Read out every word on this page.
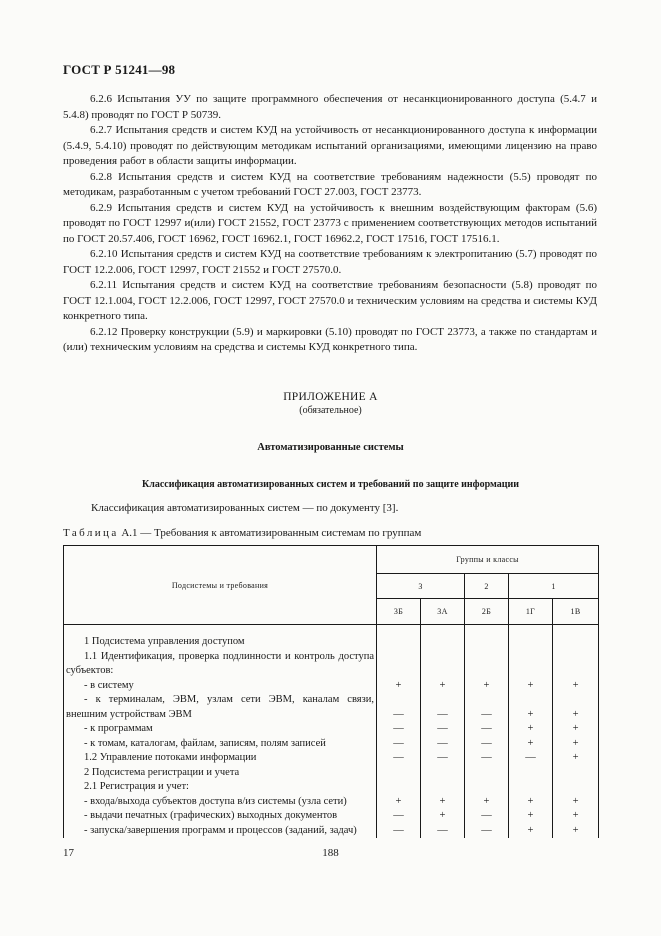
ГОСТ Р 51241—98

6.2.6 Испытания УУ по защите программного обеспечения от несанкционированного доступа (5.4.7 и 5.4.8) проводят по ГОСТ Р 50739.

6.2.7 Испытания средств и систем КУД на устойчивость от несанкционированного доступа к информации (5.4.9, 5.4.10) проводят по действующим методикам испытаний организациями, имеющими лицензию на право проведения работ в области защиты информации.

6.2.8 Испытания средств и систем КУД на соответствие требованиям надежности (5.5) проводят по методикам, разработанным с учетом требований ГОСТ 27.003, ГОСТ 23773.

6.2.9 Испытания средств и систем КУД на устойчивость к внешним воздействующим факторам (5.6) проводят по ГОСТ 12997 и(или) ГОСТ 21552, ГОСТ 23773 с применением соответствующих методов испытаний по ГОСТ 20.57.406, ГОСТ 16962, ГОСТ 16962.1, ГОСТ 16962.2, ГОСТ 17516, ГОСТ 17516.1.

6.2.10 Испытания средств и систем КУД на соответствие требованиям к электропитанию (5.7) проводят по ГОСТ 12.2.006, ГОСТ 12997, ГОСТ 21552 и ГОСТ 27570.0.

6.2.11 Испытания средств и систем КУД на соответствие требованиям безопасности (5.8) проводят по ГОСТ 12.1.004, ГОСТ 12.2.006, ГОСТ 12997, ГОСТ 27570.0 и техническим условиям на средства и системы КУД конкретного типа.

6.2.12 Проверку конструкции (5.9) и маркировки (5.10) проводят по ГОСТ 23773, а также по стандартам и (или) техническим условиям на средства и системы КУД конкретного типа.

ПРИЛОЖЕНИЕ А
(обязательное)
Автоматизированные системы
Классификация автоматизированных систем и требований по защите информации
Классификация автоматизированных систем — по документу [3].
Таблица А.1 — Требования к автоматизированным системам по группам
Подсистемы и требования	Группы и классы				
	3		2	1	
	3Б	3А	2Б	1Г	1В
1 Подсистема управления доступом					
1.1 Идентификация, проверка подлинности и контроль доступа субъектов:					
- в систему	+	+	+	+	+
- к терминалам, ЭВМ, узлам сети ЭВМ, каналам связи, внешним устройствам ЭВМ	—	—	—	+	+
- к программам	—	—	—	+	+
- к томам, каталогам, файлам, записям, полям записей	—	—	—	+	+
1.2 Управление потоками информации	—	—	—	—	+
2 Подсистема регистрации и учета					
2.1 Регистрация и учет:					
- входа/выхода субъектов доступа в/из системы (узла сети)	+	+	+	+	+
- выдачи печатных (графических) выходных документов	—	+	—	+	+
- запуска/завершения программ и процессов (заданий, задач)	—	—	—	+	+
17	188
